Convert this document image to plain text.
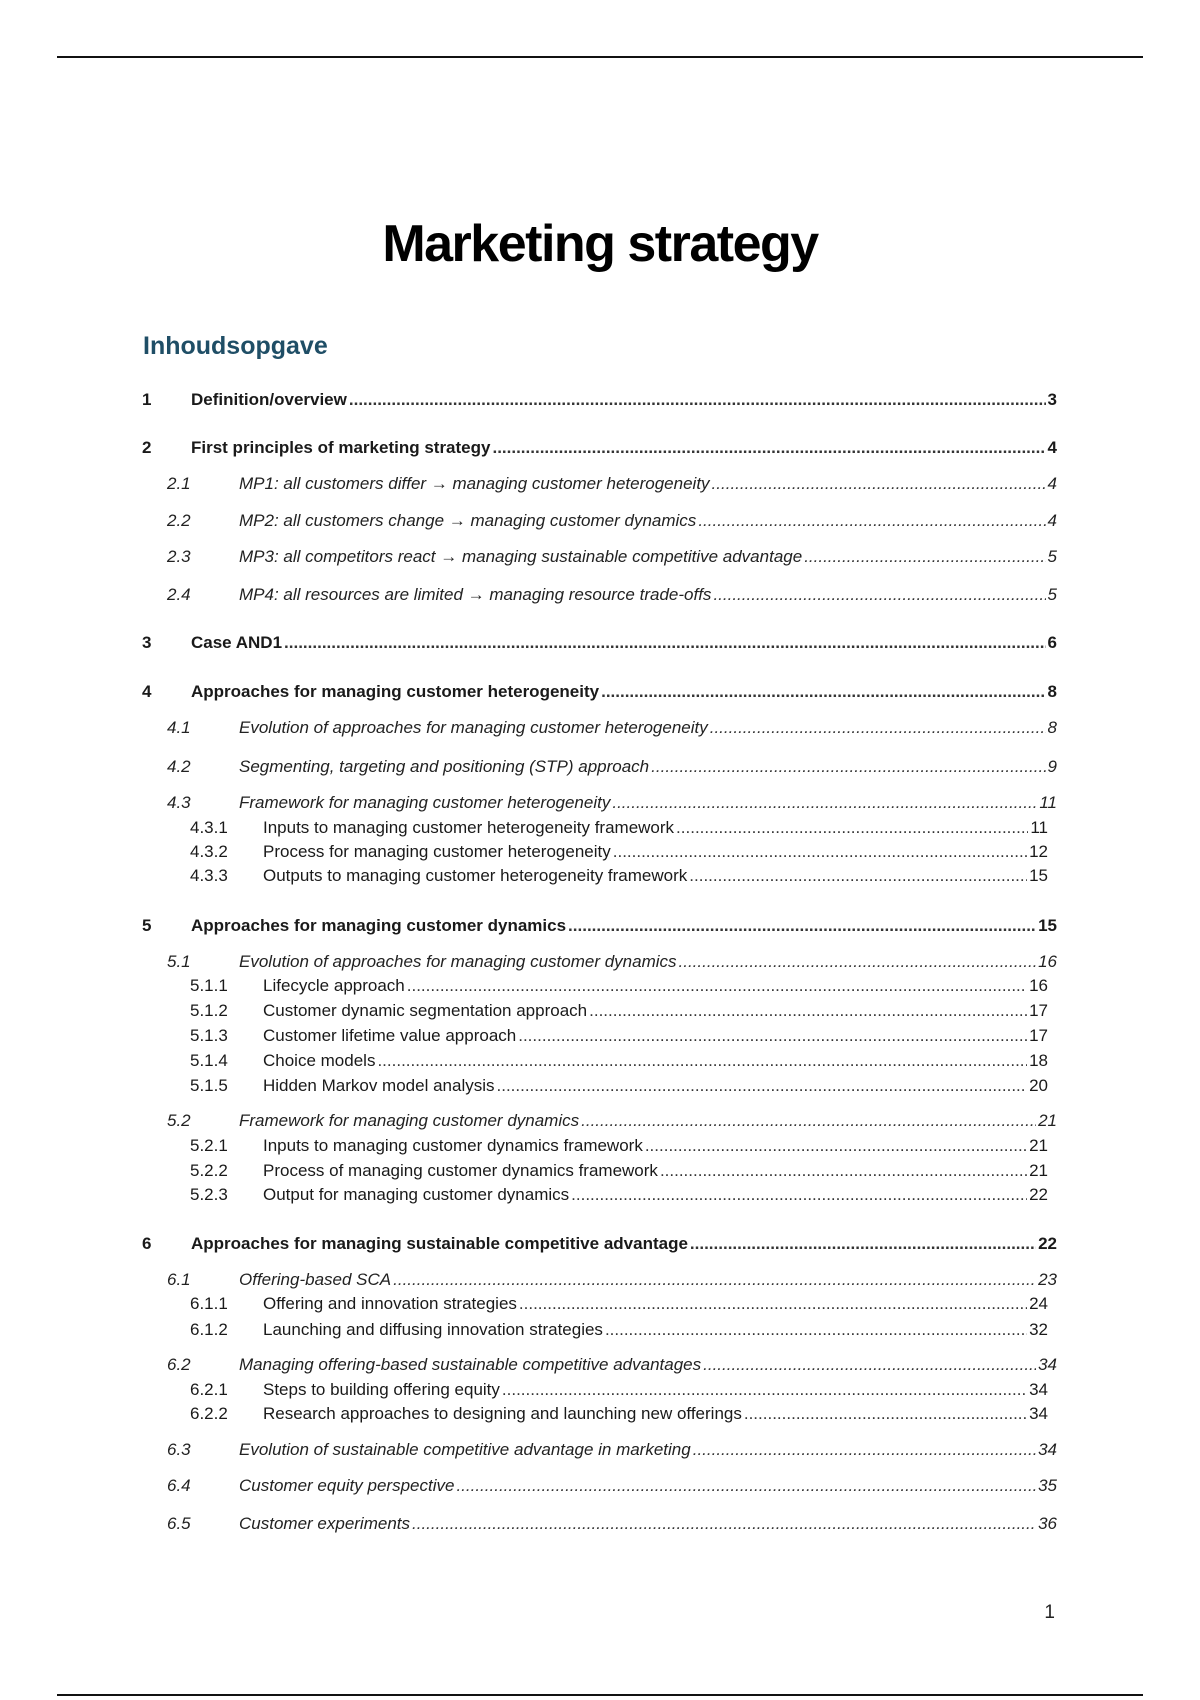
Marketing strategy
Inhoudsopgave
1	Definition/overview .....	3
2	First principles of marketing strategy .....	4
2.1	MP1: all customers differ → managing customer heterogeneity .....	4
2.2	MP2: all customers change → managing customer dynamics .....	4
2.3	MP3: all competitors react → managing sustainable competitive advantage .....	5
2.4	MP4: all resources are limited → managing resource trade-offs .....	5
3	Case AND1 .....	6
4	Approaches for managing customer heterogeneity .....	8
4.1	Evolution of approaches for managing customer heterogeneity .....	8
4.2	Segmenting, targeting and positioning (STP) approach .....	9
4.3	Framework for managing customer heterogeneity .....	11
4.3.1	Inputs to managing customer heterogeneity framework .....	11
4.3.2	Process for managing customer heterogeneity .....	12
4.3.3	Outputs to managing customer heterogeneity framework .....	15
5	Approaches for managing customer dynamics .....	15
5.1	Evolution of approaches for managing customer dynamics .....	16
5.1.1	Lifecycle approach .....	16
5.1.2	Customer dynamic segmentation approach .....	17
5.1.3	Customer lifetime value approach .....	17
5.1.4	Choice models .....	18
5.1.5	Hidden Markov model analysis .....	20
5.2	Framework for managing customer dynamics .....	21
5.2.1	Inputs to managing customer dynamics framework .....	21
5.2.2	Process of managing customer dynamics framework .....	21
5.2.3	Output for managing customer dynamics .....	22
6	Approaches for managing sustainable competitive advantage .....	22
6.1	Offering-based SCA .....	23
6.1.1	Offering and innovation strategies .....	24
6.1.2	Launching and diffusing innovation strategies .....	32
6.2	Managing offering-based sustainable competitive advantages .....	34
6.2.1	Steps to building offering equity .....	34
6.2.2	Research approaches to designing and launching new offerings .....	34
6.3	Evolution of sustainable competitive advantage in marketing .....	34
6.4	Customer equity perspective .....	35
6.5	Customer experiments .....	36
1
